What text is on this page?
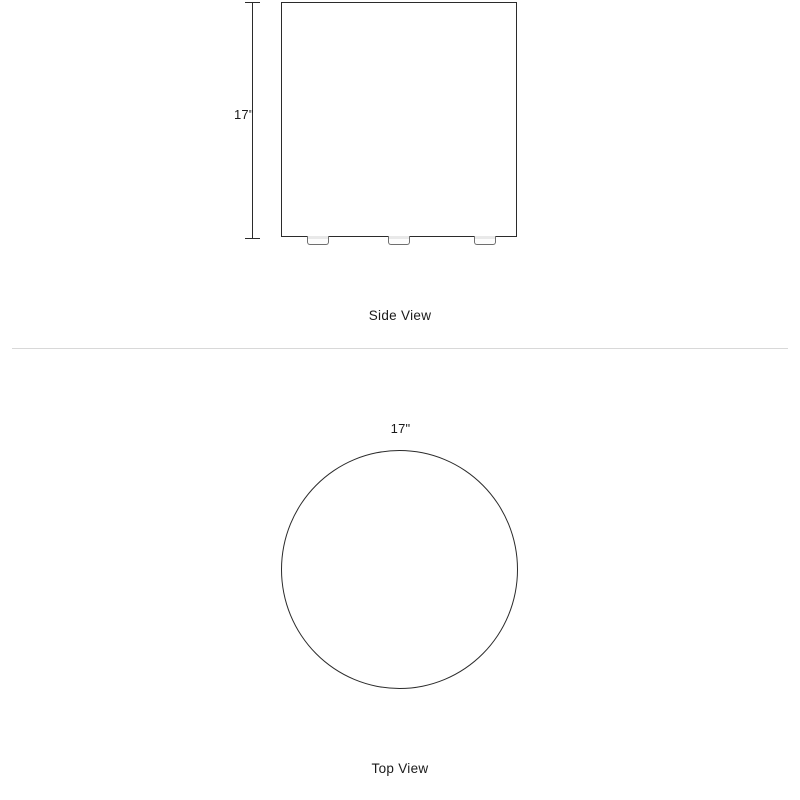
17"
Side View
17"
Top View
